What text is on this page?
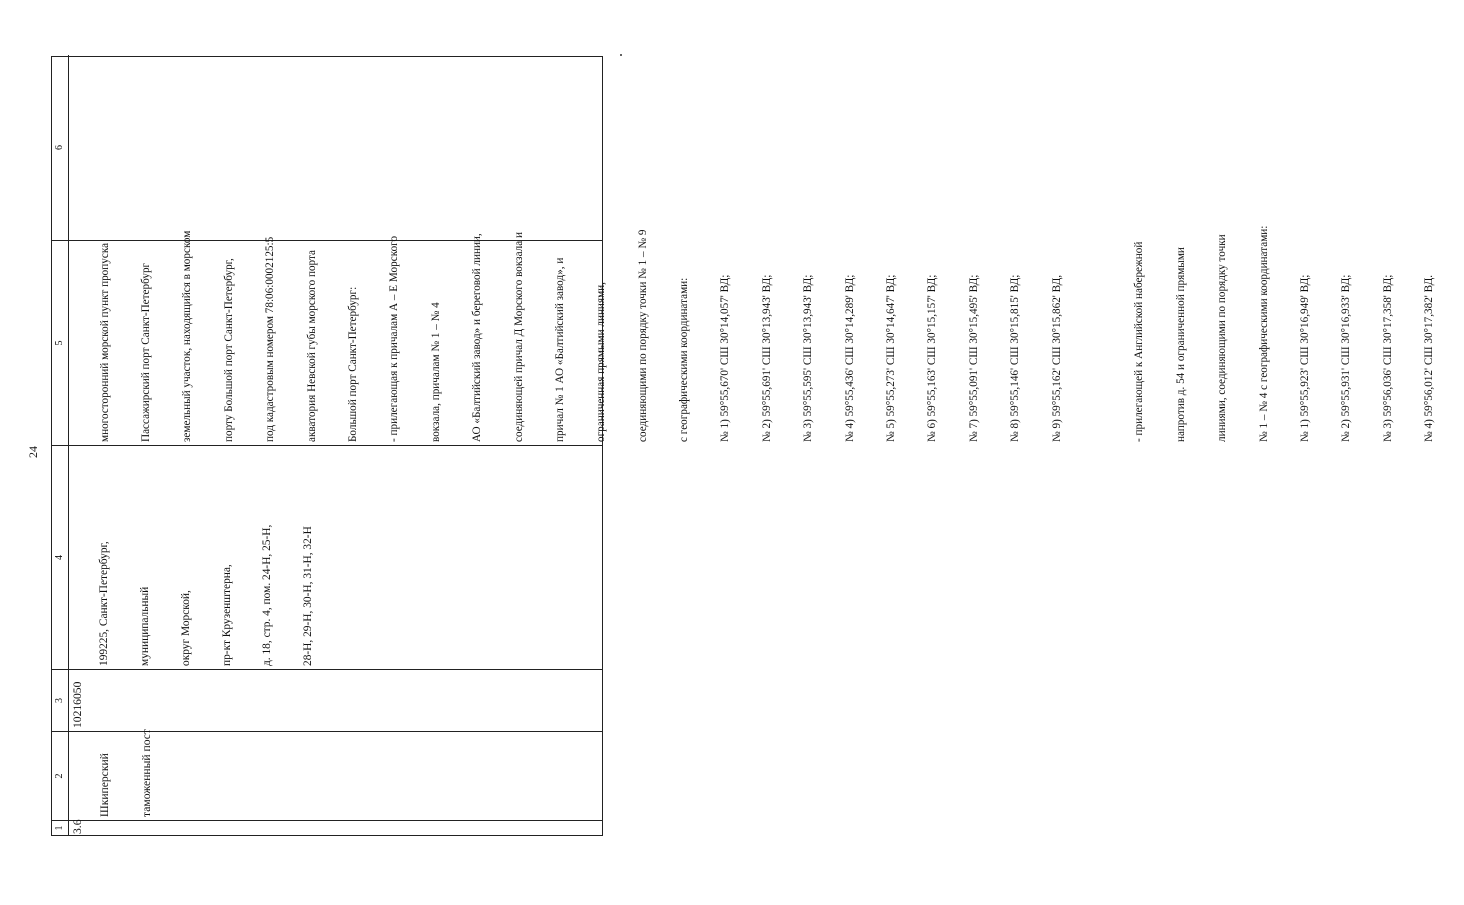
24
1 3.6
2

	Шкиперский

таможенный пост

3 10216050
4

	199225, Санкт-Петербург,

	муниципальный

	округ Морской,

	пр-кт Крузенштерна,

	д. 18, стр. 4, пом. 24-Н, 25-Н,

	28-Н, 29-Н, 30-Н, 31-Н, 32-Н

5

	многосторонний морской пункт пропуска

	Пассажирский порт Санкт-Петербург

	земельный участок, находящийся в морском

	порту Большой порт Санкт-Петербург,

	под кадастровым номером 78:06:0002125:5

	акватория Невской губы морского порта

	Большой порт Санкт-Петербург:

	- прилегающая к причалам А – Е Морского

	вокзала, причалам № 1 – № 4

	АО «Балтийский завод» и береговой линии,

	соединяющей причал Д Морского вокзала и

	причал № 1 АО «Балтийский завод», и

	ограниченная прямыми линиями,

	соединяющими по порядку точки № 1 – № 9

	с географическими координатами:

	№ 1) 59°55,670' СШ 30°14,057' ВД;

	№ 2) 59°55,691' СШ 30°13,943' ВД;

	№ 3) 59°55,595' СШ 30°13,943' ВД;

	№ 4) 59°55,436' СШ 30°14,289' ВД;

	№ 5) 59°55,273' СШ 30°14,647' ВД;

	№ 6) 59°55,163' СШ 30°15,157' ВД;

	№ 7) 59°55,091' СШ 30°15,495' ВД;

	№ 8) 59°55,146' СШ 30°15,815' ВД;

	№ 9) 59°55,162' СШ 30°15,862' ВД,

	- прилегающей к Английской набережной

	напротив д. 54 и ограниченной прямыми

	линиями, соединяющими по порядку точки

	№ 1 – № 4 с географическими координатами:

	№ 1) 59°55,923' СШ 30°16,949' ВД;

	№ 2) 59°55,931' СШ 30°16,933' ВД;

	№ 3) 59°56,036' СШ 30°17,358' ВД;

	№ 4) 59°56,012' СШ 30°17,382' ВД.

6
